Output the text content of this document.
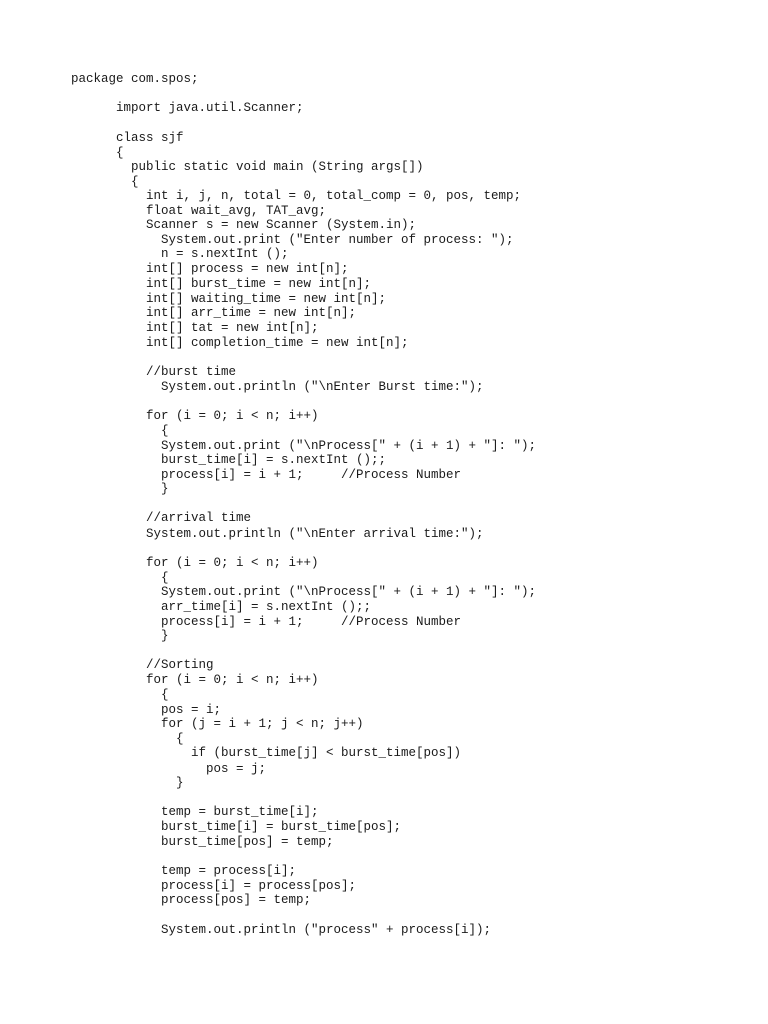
package com.spos;
import java.util.Scanner;
class sjf
{
public static void main (String args[])
{
int i, j, n, total = 0, total_comp = 0, pos, temp;
float wait_avg, TAT_avg;
Scanner s = new Scanner (System.in);
System.out.print ("Enter number of process: ");
n = s.nextInt ();
int[] process = new int[n];
int[] burst_time = new int[n];
int[] waiting_time = new int[n];
int[] arr_time = new int[n];
int[] tat = new int[n];
int[] completion_time = new int[n];
//burst time
System.out.println ("\nEnter Burst time:");
for (i = 0; i < n; i++)
{
System.out.print ("\nProcess[" + (i + 1) + "]: ");
burst_time[i] = s.nextInt ();;
process[i] = i + 1;     //Process Number
}
//arrival time
System.out.println ("\nEnter arrival time:");
for (i = 0; i < n; i++)
{
System.out.print ("\nProcess[" + (i + 1) + "]: ");
arr_time[i] = s.nextInt ();;
process[i] = i + 1;     //Process Number
}
//Sorting
for (i = 0; i < n; i++)
{
pos = i;
for (j = i + 1; j < n; j++)
{
if (burst_time[j] < burst_time[pos])
pos = j;
}
temp = burst_time[i];
burst_time[i] = burst_time[pos];
burst_time[pos] = temp;
temp = process[i];
process[i] = process[pos];
process[pos] = temp;
System.out.println ("process" + process[i]);
